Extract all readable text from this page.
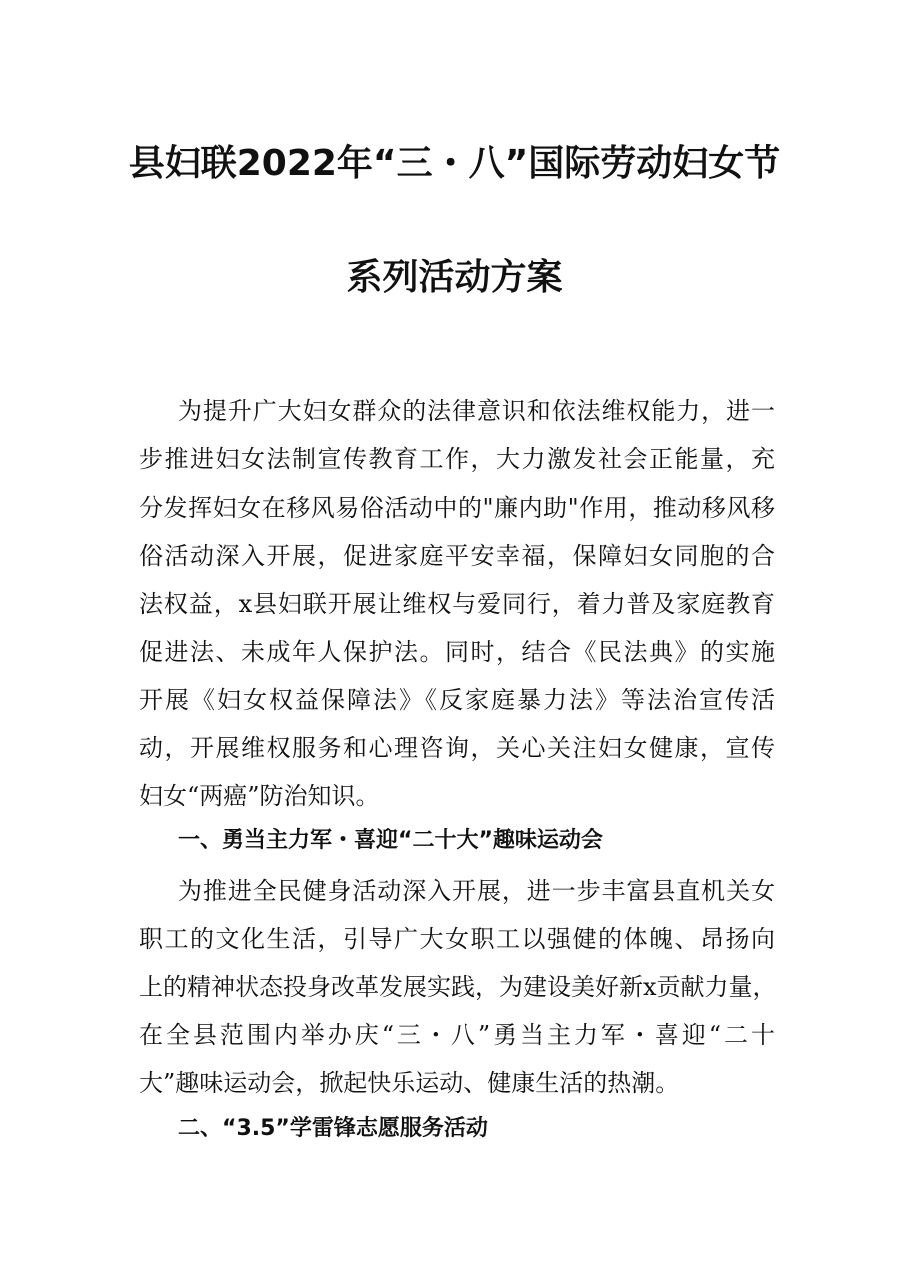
县妇联2022年“三・八”国际劳动妇女节
系列活动方案
为提升广大妇女群众的法律意识和依法维权能力，进一
步推进妇女法制宣传教育工作，大力激发社会正能量，充
分发挥妇女在移风易俗活动中的"廉内助"作用，推动移风移
俗活动深入开展，促进家庭平安幸福，保障妇女同胞的合
法权益，x县妇联开展让维权与爱同行，着力普及家庭教育
促进法、未成年人保护法。同时，结合《民法典》的实施
开展《妇女权益保障法》《反家庭暴力法》等法治宣传活
动，开展维权服务和心理咨询，关心关注妇女健康，宣传
妇女“两癌”防治知识。
一、勇当主力军・喜迎“二十大”趣味运动会
为推进全民健身活动深入开展，进一步丰富县直机关女
职工的文化生活，引导广大女职工以强健的体魄、昂扬向
上的精神状态投身改革发展实践，为建设美好新x贡献力量，
在全县范围内举办庆“三・八”勇当主力军・喜迎“二十
大”趣味运动会，掀起快乐运动、健康生活的热潮。
二、“3.5”学雷锋志愿服务活动
